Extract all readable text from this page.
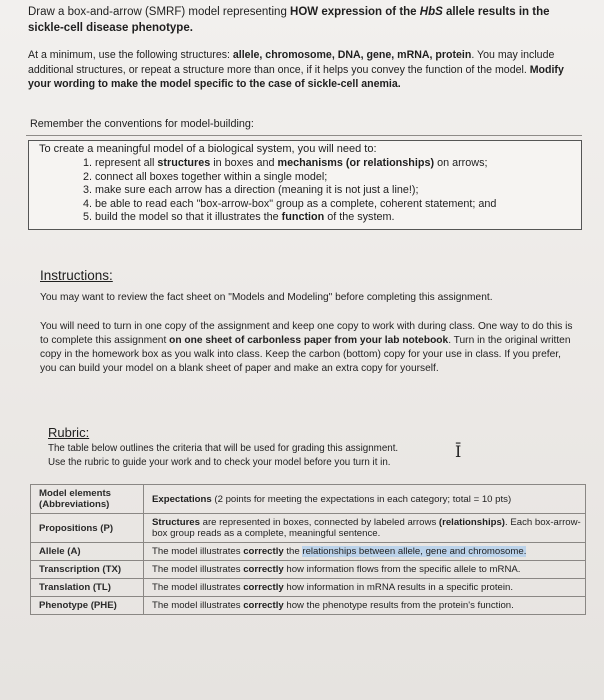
Draw a box-and-arrow (SMRF) model representing HOW expression of the HbS allele results in the sickle-cell disease phenotype.
At a minimum, use the following structures: allele, chromosome, DNA, gene, mRNA, protein. You may include additional structures, or repeat a structure more than once, if it helps you convey the function of the model. Modify your wording to make the model specific to the case of sickle-cell anemia.
Remember the conventions for model-building:
To create a meaningful model of a biological system, you will need to:
1. represent all structures in boxes and mechanisms (or relationships) on arrows;
2. connect all boxes together within a single model;
3. make sure each arrow has a direction (meaning it is not just a line!);
4. be able to read each "box-arrow-box" group as a complete, coherent statement; and
5. build the model so that it illustrates the function of the system.
Instructions:
You may want to review the fact sheet on "Models and Modeling" before completing this assignment.
You will need to turn in one copy of the assignment and keep one copy to work with during class. One way to do this is to complete this assignment on one sheet of carbonless paper from your lab notebook. Turn in the original written copy in the homework box as you walk into class. Keep the carbon (bottom) copy for your use in class. If you prefer, you can build your model on a blank sheet of paper and make an extra copy for yourself.
Rubric:
The table below outlines the criteria that will be used for grading this assignment.
Use the rubric to guide your work and to check your model before you turn it in.
Ī
Model elements (Abbreviations)	Expectations (2 points for meeting the expectations in each category; total = 10 pts)
Propositions (P)	Structures are represented in boxes, connected by labeled arrows (relationships). Each box-arrow-box group reads as a complete, meaningful sentence.
Allele (A)	The model illustrates correctly the relationships between allele, gene and chromosome.
Transcription (TX)	The model illustrates correctly how information flows from the specific allele to mRNA.
Translation (TL)	The model illustrates correctly how information in mRNA results in a specific protein.
Phenotype (PHE)	The model illustrates correctly how the phenotype results from the protein's function.
